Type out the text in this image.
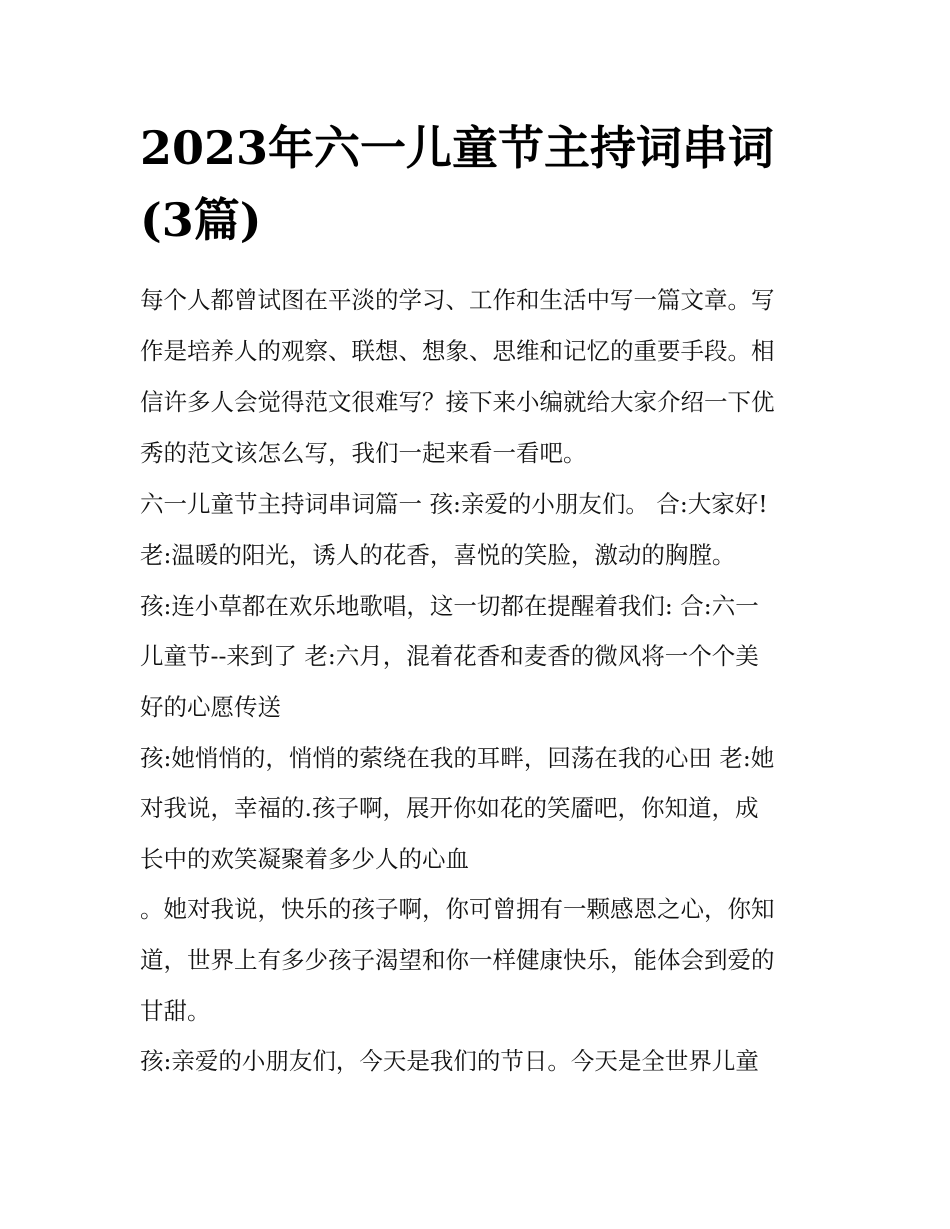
2023年六一儿童节主持词串词
(3篇)
每个人都曾试图在平淡的学习、工作和生活中写一篇文章。写
作是培养人的观察、联想、想象、思维和记忆的重要手段。相
信许多人会觉得范文很难写？接下来小编就给大家介绍一下优
秀的范文该怎么写，我们一起来看一看吧。
六一儿童节主持词串词篇一 孩:亲爱的小朋友们。 合:大家好!
老:温暖的阳光，诱人的花香，喜悦的笑脸，激动的胸膛。
孩:连小草都在欢乐地歌唱，这一切都在提醒着我们: 合:六一
儿童节--来到了 老:六月，混着花香和麦香的微风将一个个美
好的心愿传送
孩:她悄悄的，悄悄的萦绕在我的耳畔，回荡在我的心田 老:她
对我说，幸福的.孩子啊，展开你如花的笑靥吧，你知道，成
长中的欢笑凝聚着多少人的心血
。她对我说，快乐的孩子啊，你可曾拥有一颗感恩之心，你知
道，世界上有多少孩子渴望和你一样健康快乐，能体会到爱的
甘甜。
孩:亲爱的小朋友们，今天是我们的节日。今天是全世界儿童
